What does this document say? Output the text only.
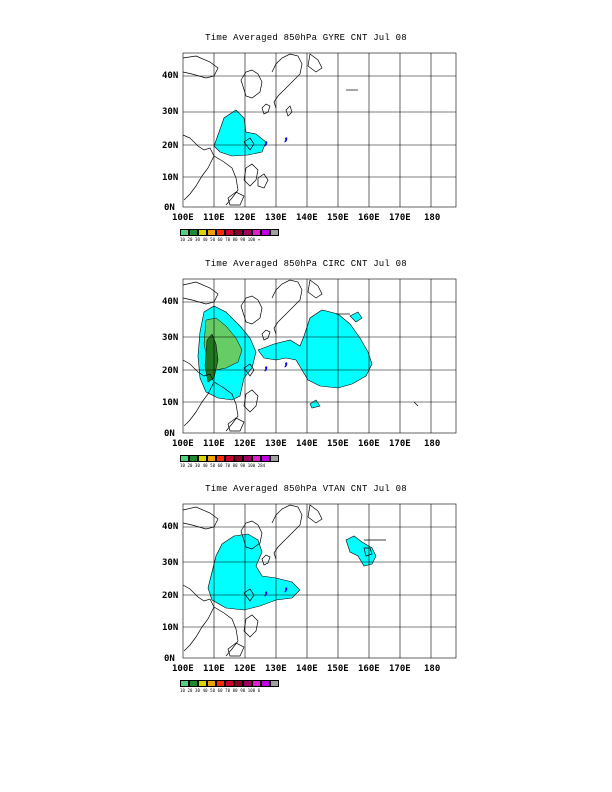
Time Averaged 850hPa GYRE CNT Jul 08
40N
30N
20N
10N
0N
100E 110E 120E 130E 140E 150E 160E 170E 180
10 20 30 40 50 60 70 80 90 100 +
Time Averaged 850hPa CIRC CNT Jul 08
40N
30N
20N
10N
0N
100E 110E 120E 130E 140E 150E 160E 170E 180
10 20 30 40 50 60 70 80 90 100 284
Time Averaged 850hPa VTAN CNT Jul 08
40N
30N
20N
10N
0N
100E 110E 120E 130E 140E 150E 160E 170E 180
10 20 30 40 50 60 70 80 90 100 6
